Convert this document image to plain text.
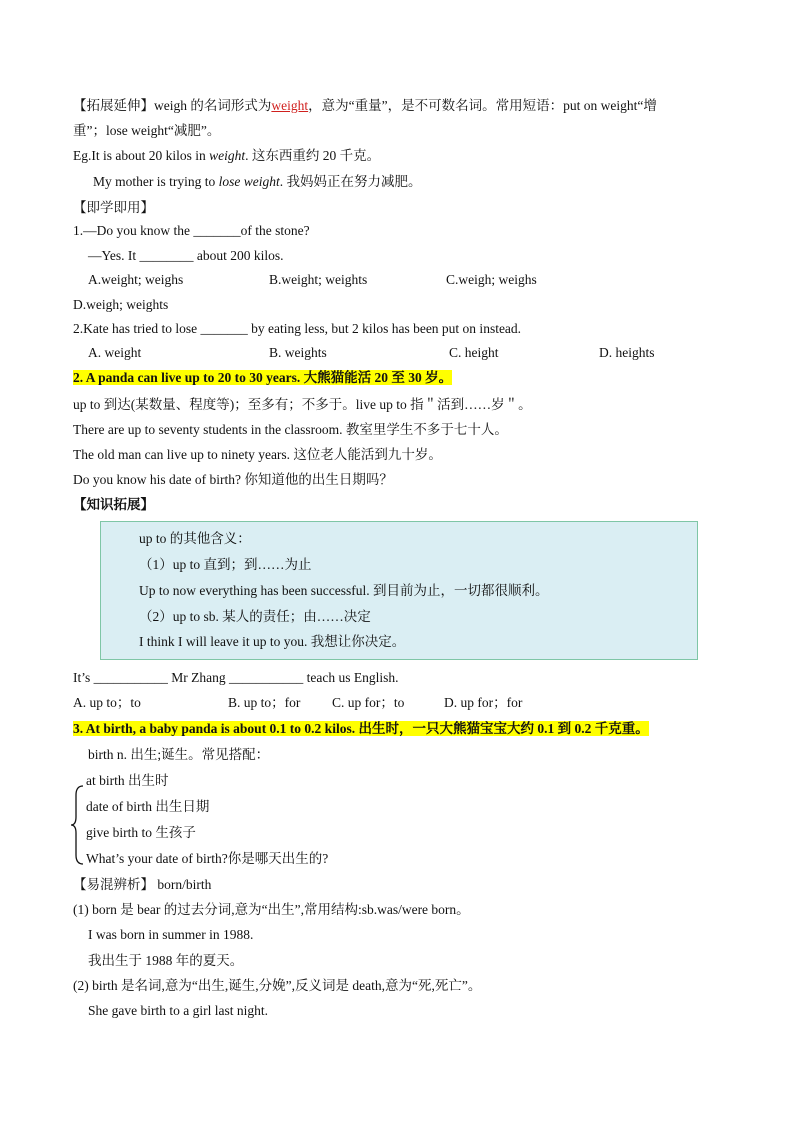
【拓展延伸】weigh 的名词形式为weight，意为“重量”，是不可数名词。常用短语：put on weight“增
重”；lose weight“减肥”。
Eg.It is about 20 kilos in weight. 这东西重约 20 千克。
My mother is trying to lose weight. 我妈妈正在努力减肥。
【即学即用】
1.—Do you know the _______of the stone?
—Yes. It ________ about 200 kilos.
A.weight; weighs	B.weight; weights	C.weigh; weighs
D.weigh; weights
2.Kate has tried to lose _______ by eating less, but 2 kilos has been put on instead.
A. weight	B. weights	C. height	D. heights
2. A panda can live up to 20 to 30 years. 大熊猫能活 20 至 30 岁。
up to 到达(某数量、程度等)；至多有；不多于。live up to 指＂活到……岁＂。
There are up to seventy students in the classroom. 教室里学生不多于七十人。
The old man can live up to ninety years. 这位老人能活到九十岁。
Do you know his date of birth? 你知道他的出生日期吗？
【知识拓展】
up to 的其他含义：
（1）up to 直到；到……为止
Up to now everything has been successful. 到目前为止，一切都很顺利。
（2）up to sb. 某人的责任；由……决定
I think I will leave it up to you. 我想让你决定。
It’s ___________ Mr Zhang ___________ teach us English.
A. up to；to	B. up to；for C. up for；to	D. up for；for
3. At birth, a baby panda is about 0.1 to 0.2 kilos. 出生时，一只大熊猫宝宝大约 0.1 到 0.2 千克重。
birth n. 出生;诞生。常见搭配：
at birth 出生时
date of birth 出生日期
give birth to 生孩子
What’s your date of birth?你是哪天出生的?
【易混辨析】 born/birth
(1) born 是 bear 的过去分词,意为“出生”,常用结构:sb.was/were born。
I was born in summer in 1988.
我出生于 1988 年的夏天。
(2) birth 是名词,意为“出生,诞生,分娩”,反义词是 death,意为“死,死亡”。
She gave birth to a girl last night.
